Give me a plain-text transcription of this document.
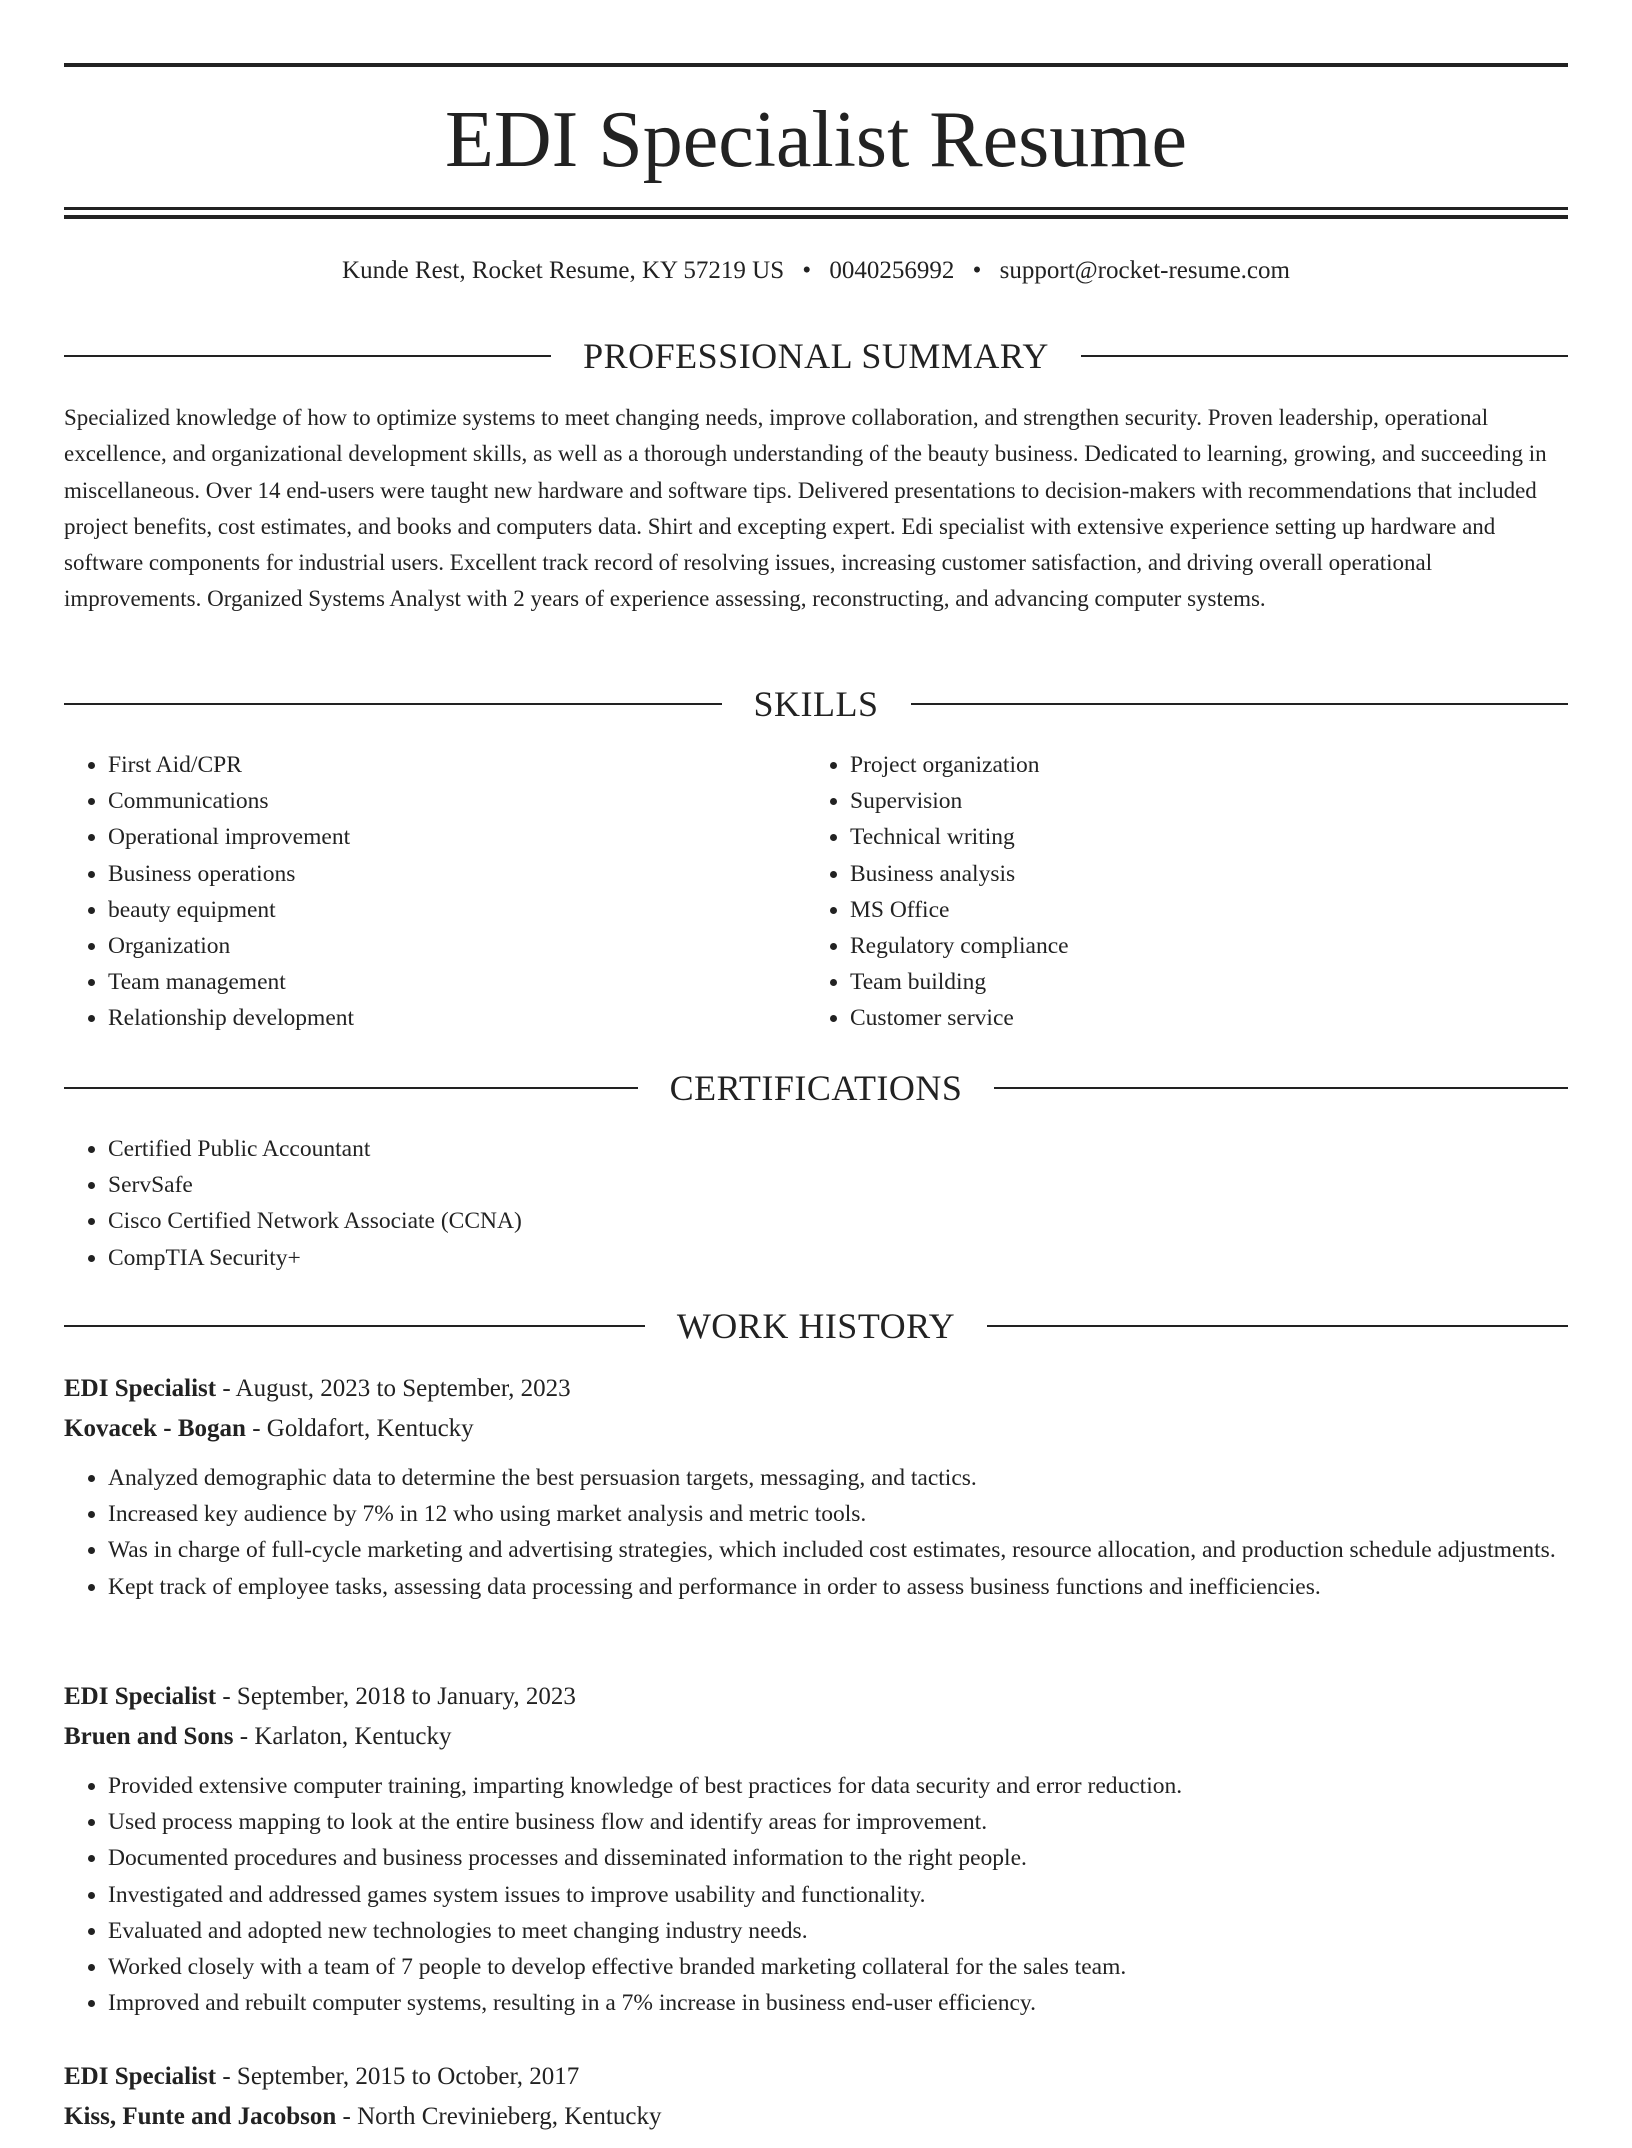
EDI Specialist Resume
Kunde Rest, Rocket Resume, KY 57219 US • 0040256992 • support@rocket-resume.com
PROFESSIONAL SUMMARY

Specialized knowledge of how to optimize systems to meet changing needs, improve collaboration, and strengthen security. Proven leadership, operational excellence, and organizational development skills, as well as a thorough understanding of the beauty business. Dedicated to learning, growing, and succeeding in miscellaneous. Over 14 end-users were taught new hardware and software tips. Delivered presentations to decision-makers with recommendations that included project benefits, cost estimates, and books and computers data. Shirt and excepting expert. Edi specialist with extensive experience setting up hardware and software components for industrial users. Excellent track record of resolving issues, increasing customer satisfaction, and driving overall operational improvements. Organized Systems Analyst with 2 years of experience assessing, reconstructing, and advancing computer systems.

SKILLS
• First Aid/CPR
• Communications
• Operational improvement
• Business operations
• beauty equipment
• Organization
• Team management
• Relationship development
• Project organization
• Supervision
• Technical writing
• Business analysis
• MS Office
• Regulatory compliance
• Team building
• Customer service
CERTIFICATIONS
• Certified Public Accountant
• ServSafe
• Cisco Certified Network Associate (CCNA)
• CompTIA Security+
WORK HISTORY
EDI Specialist - August, 2023 to September, 2023
Kovacek - Bogan - Goldafort, Kentucky
• Analyzed demographic data to determine the best persuasion targets, messaging, and tactics.
• Increased key audience by 7% in 12 who using market analysis and metric tools.
• Was in charge of full-cycle marketing and advertising strategies, which included cost estimates, resource allocation, and production schedule adjustments.
• Kept track of employee tasks, assessing data processing and performance in order to assess business functions and inefficiencies.
EDI Specialist - September, 2018 to January, 2023
Bruen and Sons - Karlaton, Kentucky
• Provided extensive computer training, imparting knowledge of best practices for data security and error reduction.
• Used process mapping to look at the entire business flow and identify areas for improvement.
• Documented procedures and business processes and disseminated information to the right people.
• Investigated and addressed games system issues to improve usability and functionality.
• Evaluated and adopted new technologies to meet changing industry needs.
• Worked closely with a team of 7 people to develop effective branded marketing collateral for the sales team.
• Improved and rebuilt computer systems, resulting in a 7% increase in business end-user efficiency.
EDI Specialist - September, 2015 to October, 2017
Kiss, Funte and Jacobson - North Crevinieberg, Kentucky
